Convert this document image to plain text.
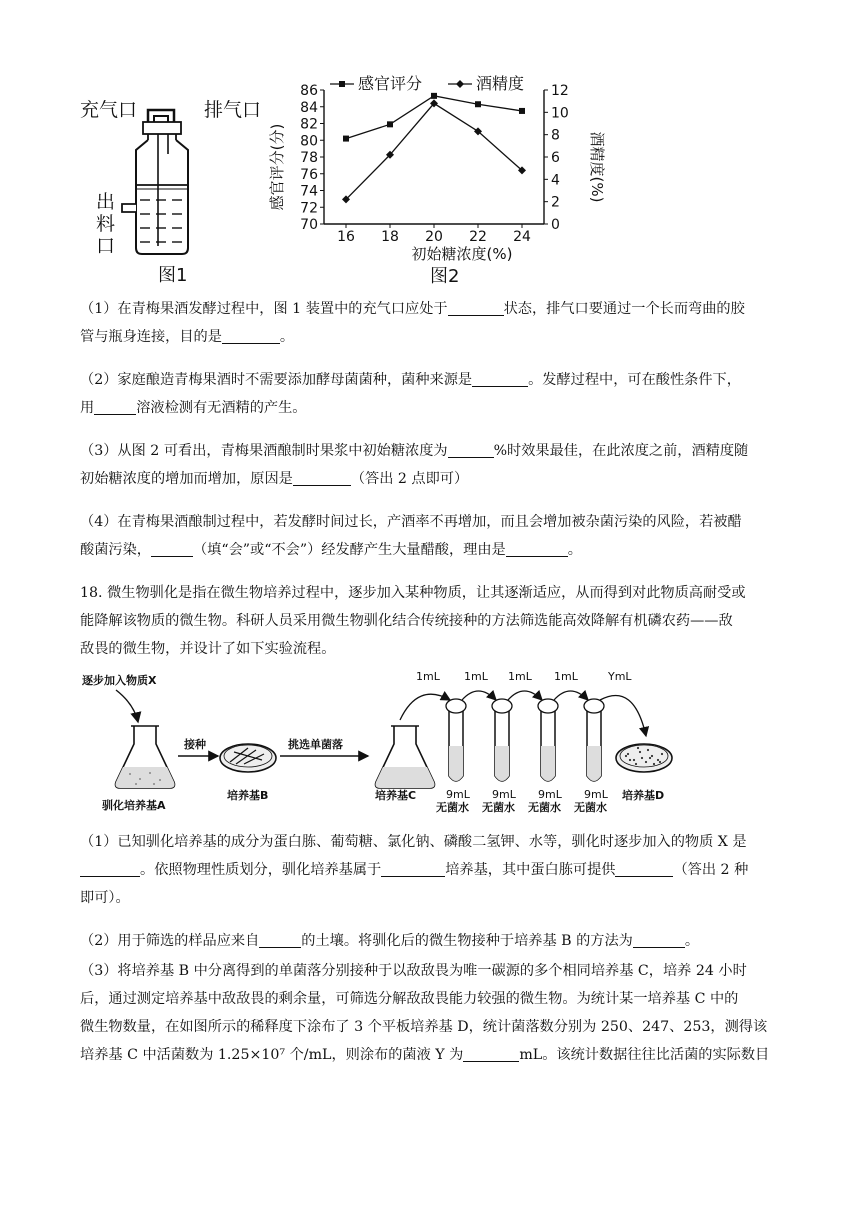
充气口	排气口
出料口
图1
16 18 20 22 24
70
72
74
76
78
80
82
84
86
0
2
4
6
8
10
12
初始糖浓度(%)
感官评分(分)	酒精度(%)
感官评分	酒精度
图2

（1）在青梅果酒发酵过程中，图 1 装置中的充气口应处于	状态，排气口要通过一个长而弯曲的胶
管与瓶身连接，目的是	。

（2）家庭酿造青梅果酒时不需要添加酵母菌菌种，菌种来源是	。发酵过程中，可在酸性条件下，
用	溶液检测有无酒精的产生。

（3）从图 2 可看出，青梅果酒酿制时果浆中初始糖浓度为	%时效果最佳，在此浓度之前，酒精度随
初始糖浓度的增加而增加，原因是	（答出 2 点即可）

（4）在青梅果酒酿制过程中，若发酵时间过长，产酒率不再增加，而且会增加被杂菌污染的风险，若被醋
酸菌污染，	（填“会”或“不会”）经发酵产生大量醋酸，理由是	。

18. 微生物驯化是指在微生物培养过程中，逐步加入某种物质，让其逐渐适应，从而得到对此物质高耐受或
能降解该物质的微生物。科研人员采用微生物驯化结合传统接种的方法筛选能高效降解有机磷农药——敌
敌畏的微生物，并设计了如下实验流程。

逐步加入物质X
驯化培养基A
接种
培养基B
挑选单菌落
培养基C
1mL 1mL 1mL 1mL	YmL
9mL
无菌水
9mL
无菌水
9mL
无菌水
9mL
无菌水
培养基D

（1）已知驯化培养基的成分为蛋白胨、葡萄糖、氯化钠、磷酸二氢钾、水等，驯化时逐步加入的物质 X 是
。依照物理性质划分，驯化培养基属于	培养基，其中蛋白胨可提供	（答出 2 种
即可）。

（2）用于筛选的样品应来自	的土壤。将驯化后的微生物接种于培养基 B 的方法为	。

（3）将培养基 B 中分离得到的单菌落分别接种于以敌敌畏为唯一碳源的多个相同培养基 C，培养 24 小时
后，通过测定培养基中敌敌畏的剩余量，可筛选分解敌敌畏能力较强的微生物。为统计某一培养基 C 中的
微生物数量，在如图所示的稀释度下涂布了 3 个平板培养基 D，统计菌落数分别为 250、247、253，测得该
培养基 C 中活菌数为 1.25×10⁷ 个/mL，则涂布的菌液 Y 为	mL。该统计数据往往比活菌的实际数目
